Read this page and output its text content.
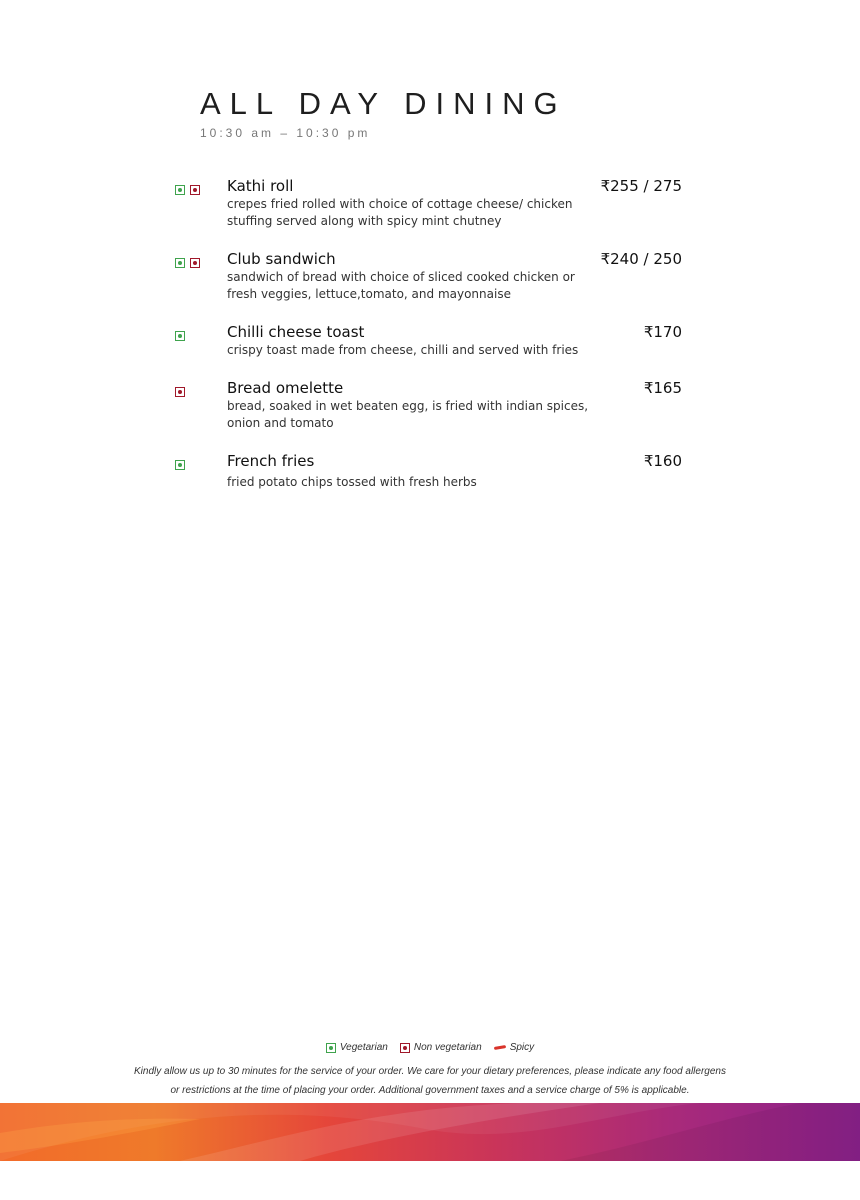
ALL DAY DINING
10:30 am – 10:30 pm
Kathi roll
crepes fried rolled with choice of cottage cheese/ chicken stuffing served along with spicy mint chutney
₹255 / 275
Club sandwich
sandwich of bread with choice of sliced cooked chicken or fresh veggies, lettuce,tomato, and mayonnaise
₹240 / 250
Chilli cheese toast
crispy toast made from cheese, chilli and served with fries
₹170
Bread omelette
bread, soaked in wet beaten egg, is fried with indian spices, onion and tomato
₹165
French fries
fried potato chips tossed with fresh herbs
₹160
Vegetarian	Non vegetarian	Spicy
Kindly allow us up to 30 minutes for the service of your order. We care for your dietary preferences, please indicate any food allergens
or restrictions at the time of placing your order. Additional government taxes and a service charge of 5% is applicable.
